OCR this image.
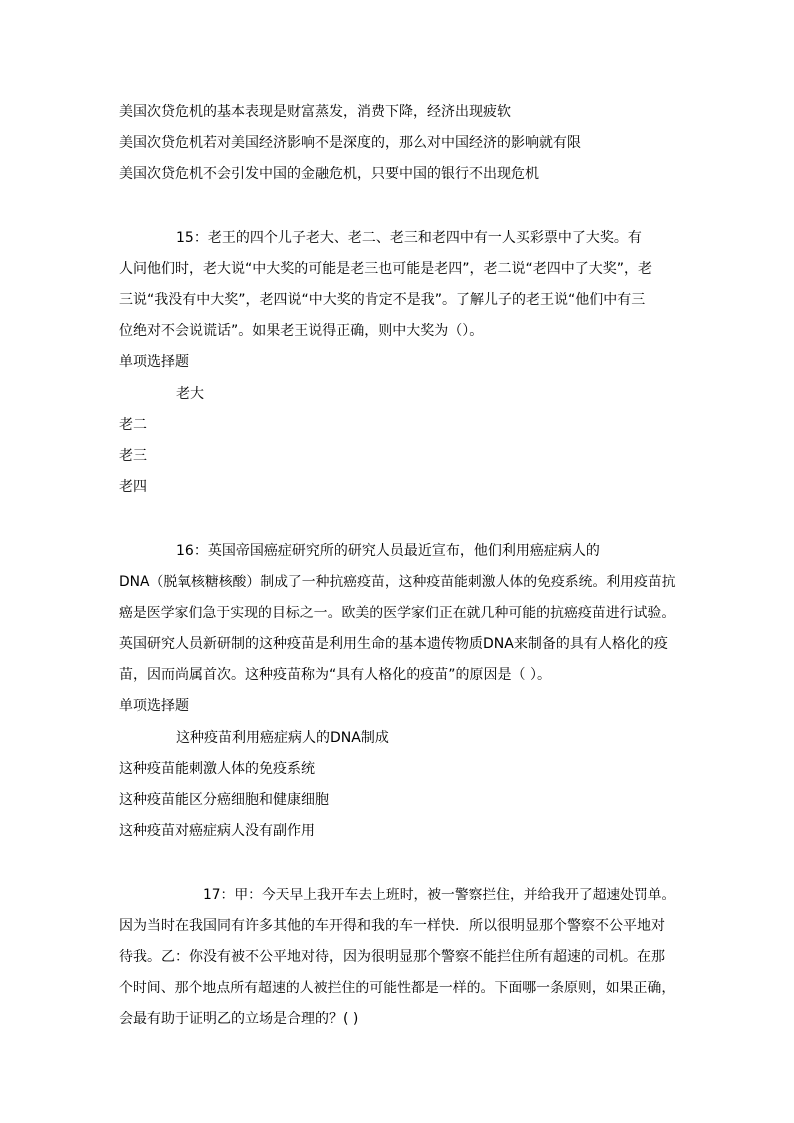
美国次贷危机的基本表现是财富蒸发，消费下降，经济出现疲软
美国次贷危机若对美国经济影响不是深度的，那么对中国经济的影响就有限
美国次贷危机不会引发中国的金融危机，只要中国的银行不出现危机
15：老王的四个儿子老大、老二、老三和老四中有一人买彩票中了大奖。有
人问他们时，老大说“中大奖的可能是老三也可能是老四”，老二说“老四中了大奖”，老
三说“我没有中大奖”，老四说“中大奖的肯定不是我”。了解儿子的老王说“他们中有三
位绝对不会说谎话”。如果老王说得正确，则中大奖为（）。
单项选择题
老大
老二
老三
老四
16：英国帝国癌症研究所的研究人员最近宣布，他们利用癌症病人的
DNA（脱氧核糖核酸）制成了一种抗癌疫苗，这种疫苗能刺激人体的免疫系统。利用疫苗抗
癌是医学家们急于实现的目标之一。欧美的医学家们正在就几种可能的抗癌疫苗进行试验。
英国研究人员新研制的这种疫苗是利用生命的基本遗传物质DNA来制备的具有人格化的疫
苗，因而尚属首次。这种疫苗称为“具有人格化的疫苗”的原因是（ ）。
单项选择题
这种疫苗利用癌症病人的DNA制成
这种疫苗能刺激人体的免疫系统
这种疫苗能区分癌细胞和健康细胞
这种疫苗对癌症病人没有副作用
17：甲：今天早上我开车去上班时，被一警察拦住，并给我开了超速处罚单。
因为当时在我国同有许多其他的车开得和我的车一样快．所以很明显那个警察不公平地对
待我。乙：你没有被不公平地对待，因为很明显那个警察不能拦住所有超速的司机。在那
个时间、那个地点所有超速的人被拦住的可能性都是一样的。下面哪一条原则，如果正确，
会最有助于证明乙的立场是合理的？( )
